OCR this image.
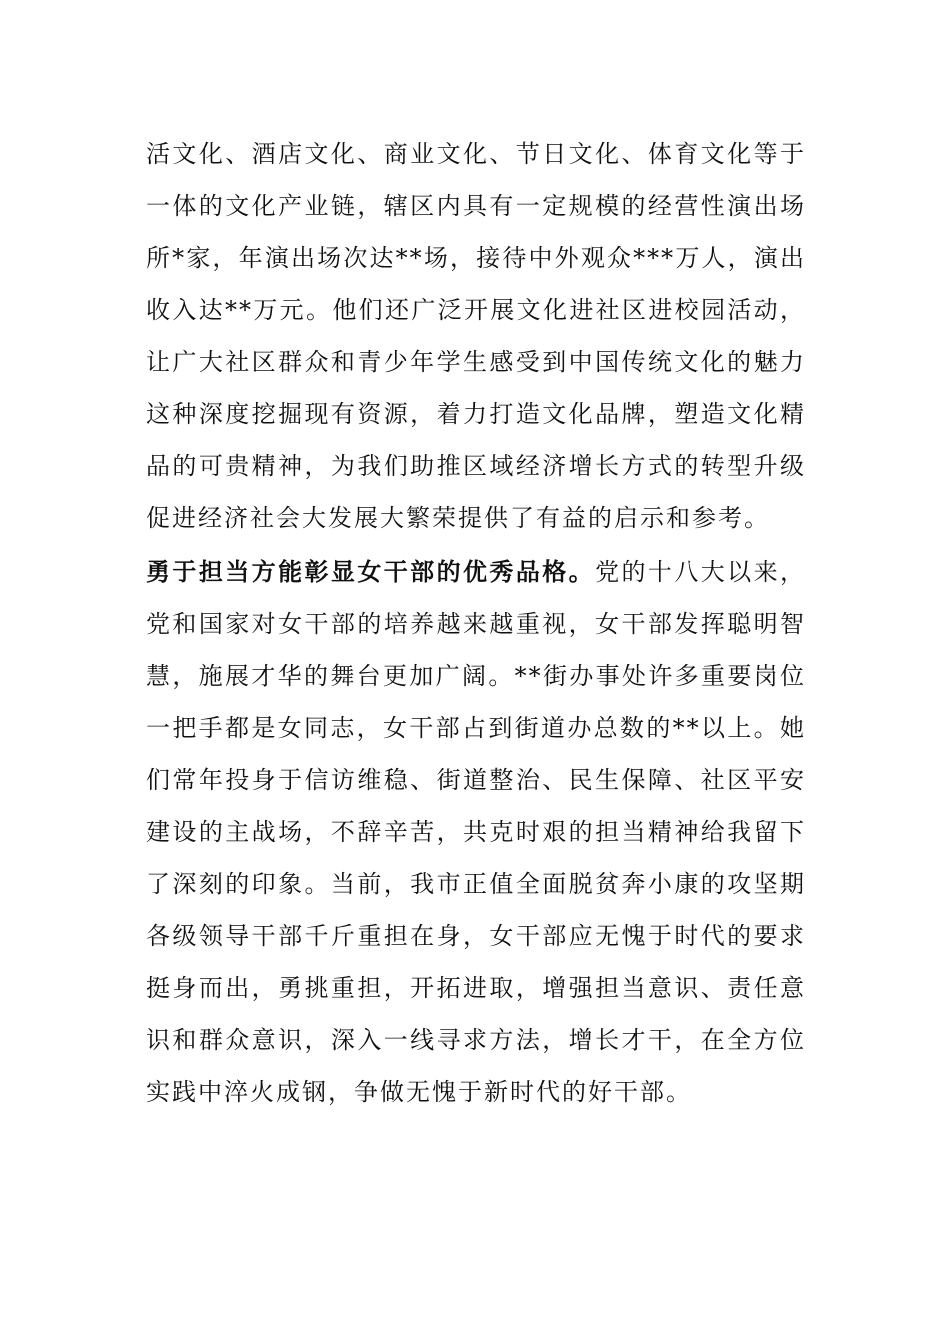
活文化、酒店文化、商业文化、节日文化、体育文化等于
一体的文化产业链，辖区内具有一定规模的经营性演出场
所*家，年演出场次达**场，接待中外观众***万人，演出
收入达**万元。他们还广泛开展文化进社区进校园活动，
让广大社区群众和青少年学生感受到中国传统文化的魅力
这种深度挖掘现有资源，着力打造文化品牌，塑造文化精
品的可贵精神，为我们助推区域经济增长方式的转型升级
促进经济社会大发展大繁荣提供了有益的启示和参考。
勇于担当方能彰显女干部的优秀品格。党的十八大以来，
党和国家对女干部的培养越来越重视，女干部发挥聪明智
慧，施展才华的舞台更加广阔。**街办事处许多重要岗位
一把手都是女同志，女干部占到街道办总数的**以上。她
们常年投身于信访维稳、街道整治、民生保障、社区平安
建设的主战场，不辞辛苦，共克时艰的担当精神给我留下
了深刻的印象。当前，我市正值全面脱贫奔小康的攻坚期
各级领导干部千斤重担在身，女干部应无愧于时代的要求
挺身而出，勇挑重担，开拓进取，增强担当意识、责任意
识和群众意识，深入一线寻求方法，增长才干，在全方位
实践中淬火成钢，争做无愧于新时代的好干部。
